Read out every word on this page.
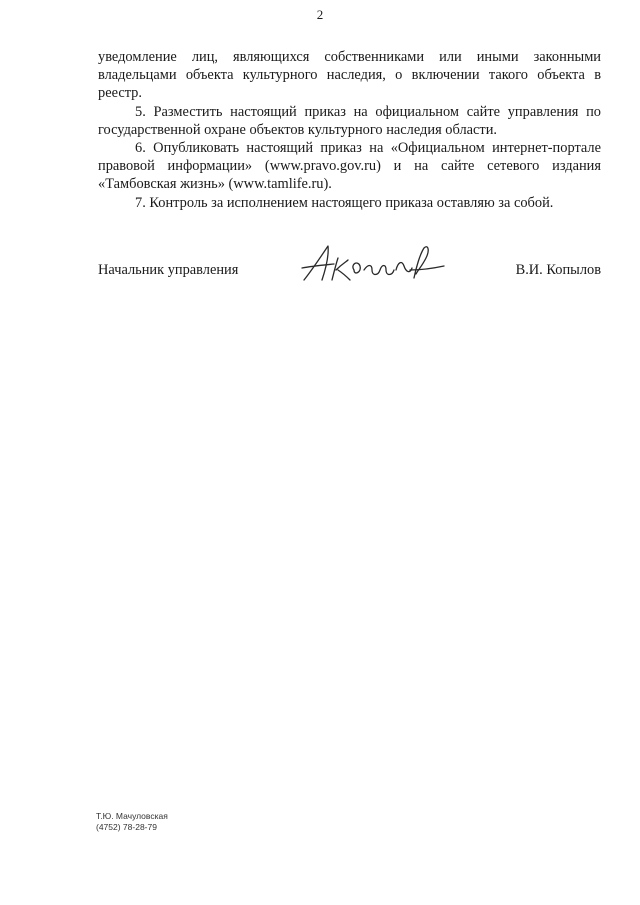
2

уведомление лиц, являющихся собственниками или иными законными владельцами объекта культурного наследия, о включении такого объекта в реестр.

5. Разместить настоящий приказ на официальном сайте управления по государственной охране объектов культурного наследия области.

6. Опубликовать настоящий приказ на «Официальном интернет-портале правовой информации» (www.pravo.gov.ru) и на сайте сетевого издания «Тамбовская жизнь» (www.tamlife.ru).

7. Контроль за исполнением настоящего приказа оставляю за собой.

Начальник управления	В.И. Копылов
Т.Ю. Мачуловская
(4752) 78-28-79
